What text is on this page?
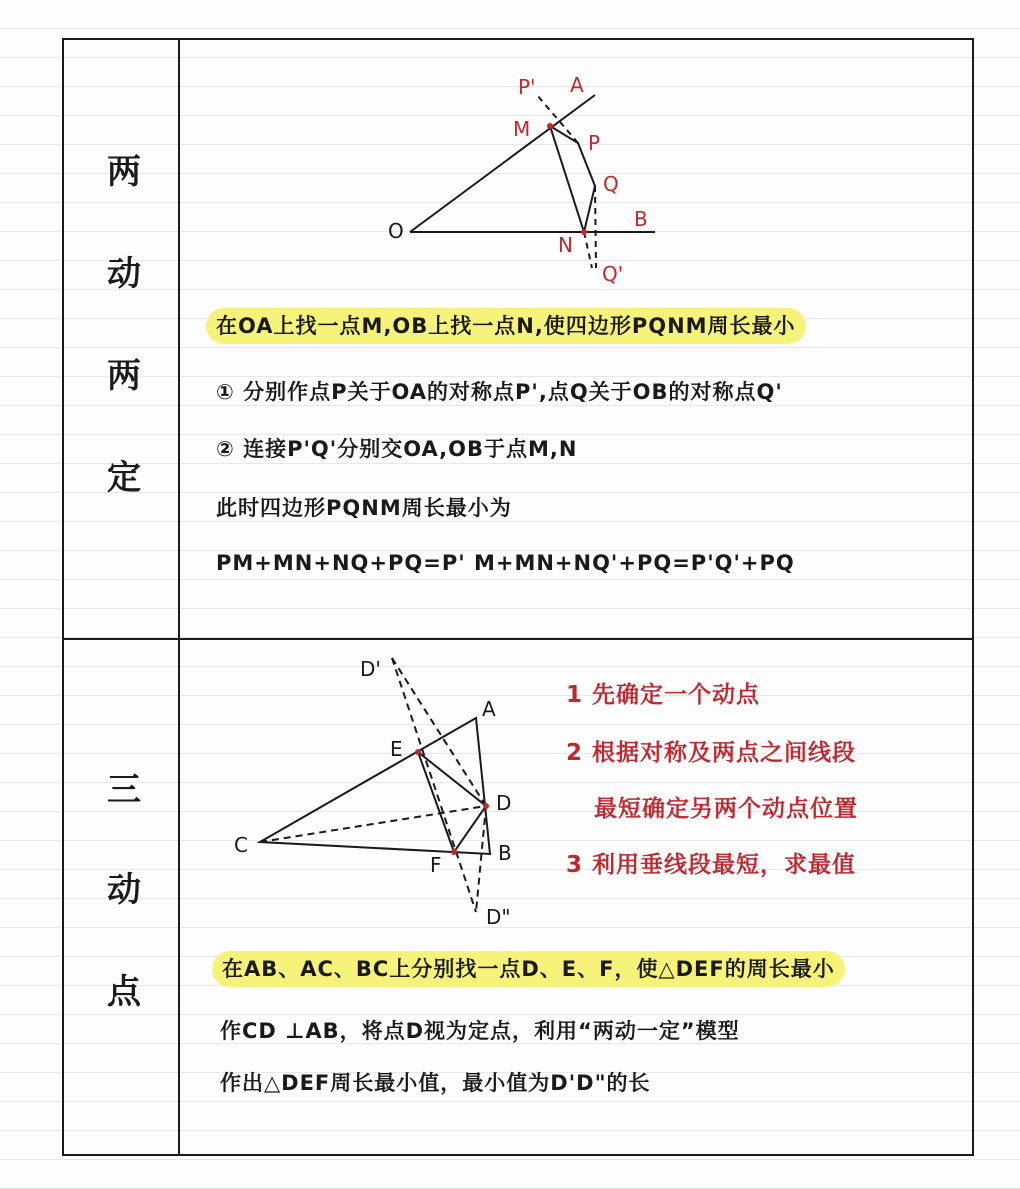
两
动
两
定
O
A
B
M
N
P
Q
P'
Q'
在OA上找一点M,OB上找一点N,使四边形PQNM周长最小
① 分别作点P关于OA的对称点P',点Q关于OB的对称点Q'
② 连接P'Q'分别交OA,OB于点M,N
此时四边形PQNM周长最小为
PM+MN+NQ+PQ=P' M+MN+NQ'+PQ=P'Q'+PQ
三
动
点
A
B
C
D
E
F
D'
D"
1 先确定一个动点
2 根据对称及两点之间线段
最短确定另两个动点位置
3 利用垂线段最短，求最值
在AB、AC、BC上分别找一点D、E、F，使△DEF的周长最小
作CD ⊥AB，将点D视为定点，利用“两动一定”模型
作出△DEF周长最小值，最小值为D'D"的长
